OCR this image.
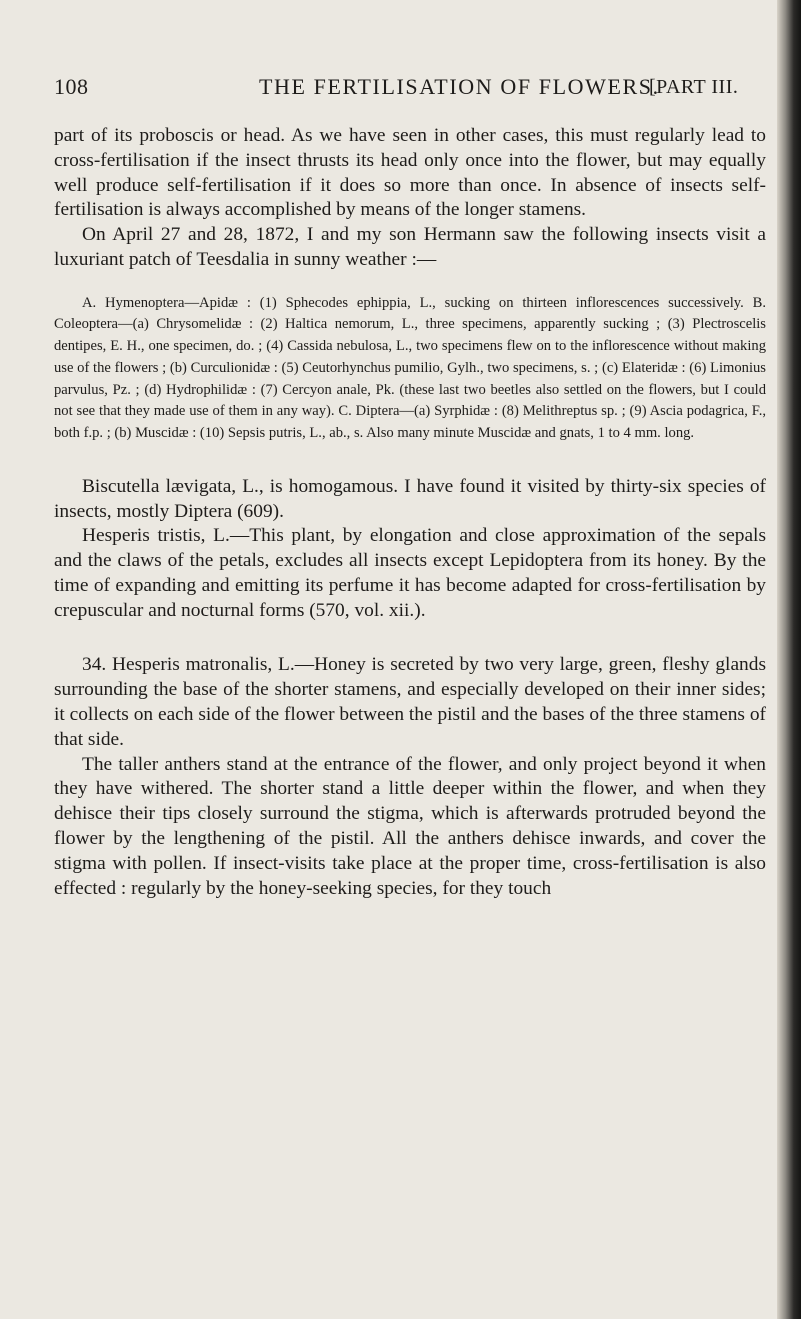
108	THE FERTILISATION OF FLOWERS.
[PART III.

part of its proboscis or head. As we have seen in other cases, this must regularly lead to cross-fertilisation if the insect thrusts its head only once into the flower, but may equally well produce self-fertilisation if it does so more than once. In absence of insects self-fertilisation is always accomplished by means of the longer stamens.

On April 27 and 28, 1872, I and my son Hermann saw the following insects visit a luxuriant patch of Teesdalia in sunny weather :—

A. Hymenoptera—Apidæ : (1) Sphecodes ephippia, L., sucking on thirteen inflorescences successively. B. Coleoptera—(a) Chrysomelidæ : (2) Haltica nemorum, L., three specimens, apparently sucking ; (3) Plectroscelis dentipes, E. H., one specimen, do. ; (4) Cassida nebulosa, L., two specimens flew on to the inflorescence without making use of the flowers ; (b) Curculionidæ : (5) Ceutorhynchus pumilio, Gylh., two specimens, s. ; (c) Elateridæ : (6) Limonius parvulus, Pz. ; (d) Hydrophilidæ : (7) Cercyon anale, Pk. (these last two beetles also settled on the flowers, but I could not see that they made use of them in any way). C. Diptera—(a) Syrphidæ : (8) Melithreptus sp. ; (9) Ascia podagrica, F., both f.p. ; (b) Muscidæ : (10) Sepsis putris, L., ab., s. Also many minute Muscidæ and gnats, 1 to 4 mm. long.

Biscutella lævigata, L., is homogamous. I have found it visited by thirty-six species of insects, mostly Diptera (609).

Hesperis tristis, L.—This plant, by elongation and close approximation of the sepals and the claws of the petals, excludes all insects except Lepidoptera from its honey. By the time of expanding and emitting its perfume it has become adapted for cross-fertilisation by crepuscular and nocturnal forms (570, vol. xii.).

34. Hesperis matronalis, L.—Honey is secreted by two very large, green, fleshy glands surrounding the base of the shorter stamens, and especially developed on their inner sides; it collects on each side of the flower between the pistil and the bases of the three stamens of that side.

The taller anthers stand at the entrance of the flower, and only project beyond it when they have withered. The shorter stand a little deeper within the flower, and when they dehisce their tips closely surround the stigma, which is afterwards protruded beyond the flower by the lengthening of the pistil. All the anthers dehisce inwards, and cover the stigma with pollen. If insect-visits take place at the proper time, cross-fertilisation is also effected : regularly by the honey-seeking species, for they touch
